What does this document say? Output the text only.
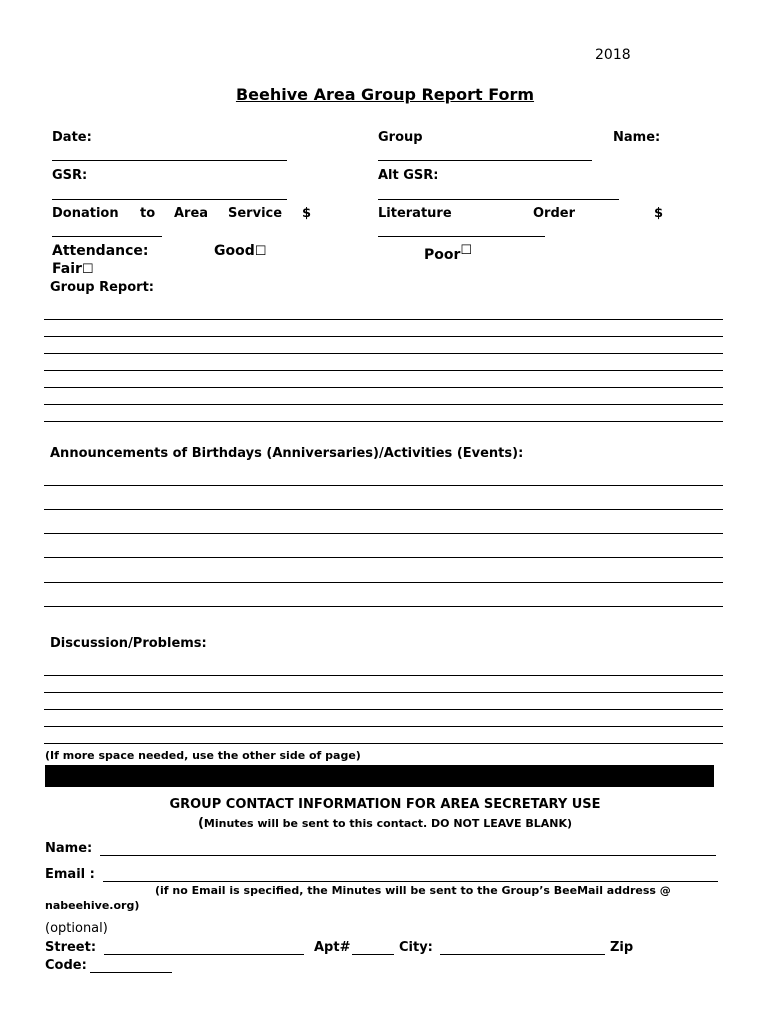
2018
Beehive Area Group Report Form
Date:	Group	Name:
GSR:	Alt GSR:
Donation to Area Service $	Literature	Order	$
Attendance:	Good☐	Poor☐
Fair☐
Group Report:
Announcements of Birthdays (Anniversaries)/Activities (Events):
Discussion/Problems:
(If more space needed, use the other side of page)
GROUP CONTACT INFORMATION FOR AREA SECRETARY USE
(Minutes will be sent to this contact. DO NOT LEAVE BLANK)
Name:
Email :
(if no Email is specified, the Minutes will be sent to the Group’s BeeMail address @
nabeehive.org)
(optional)
Street:	Apt#	City:	Zip
Code:
